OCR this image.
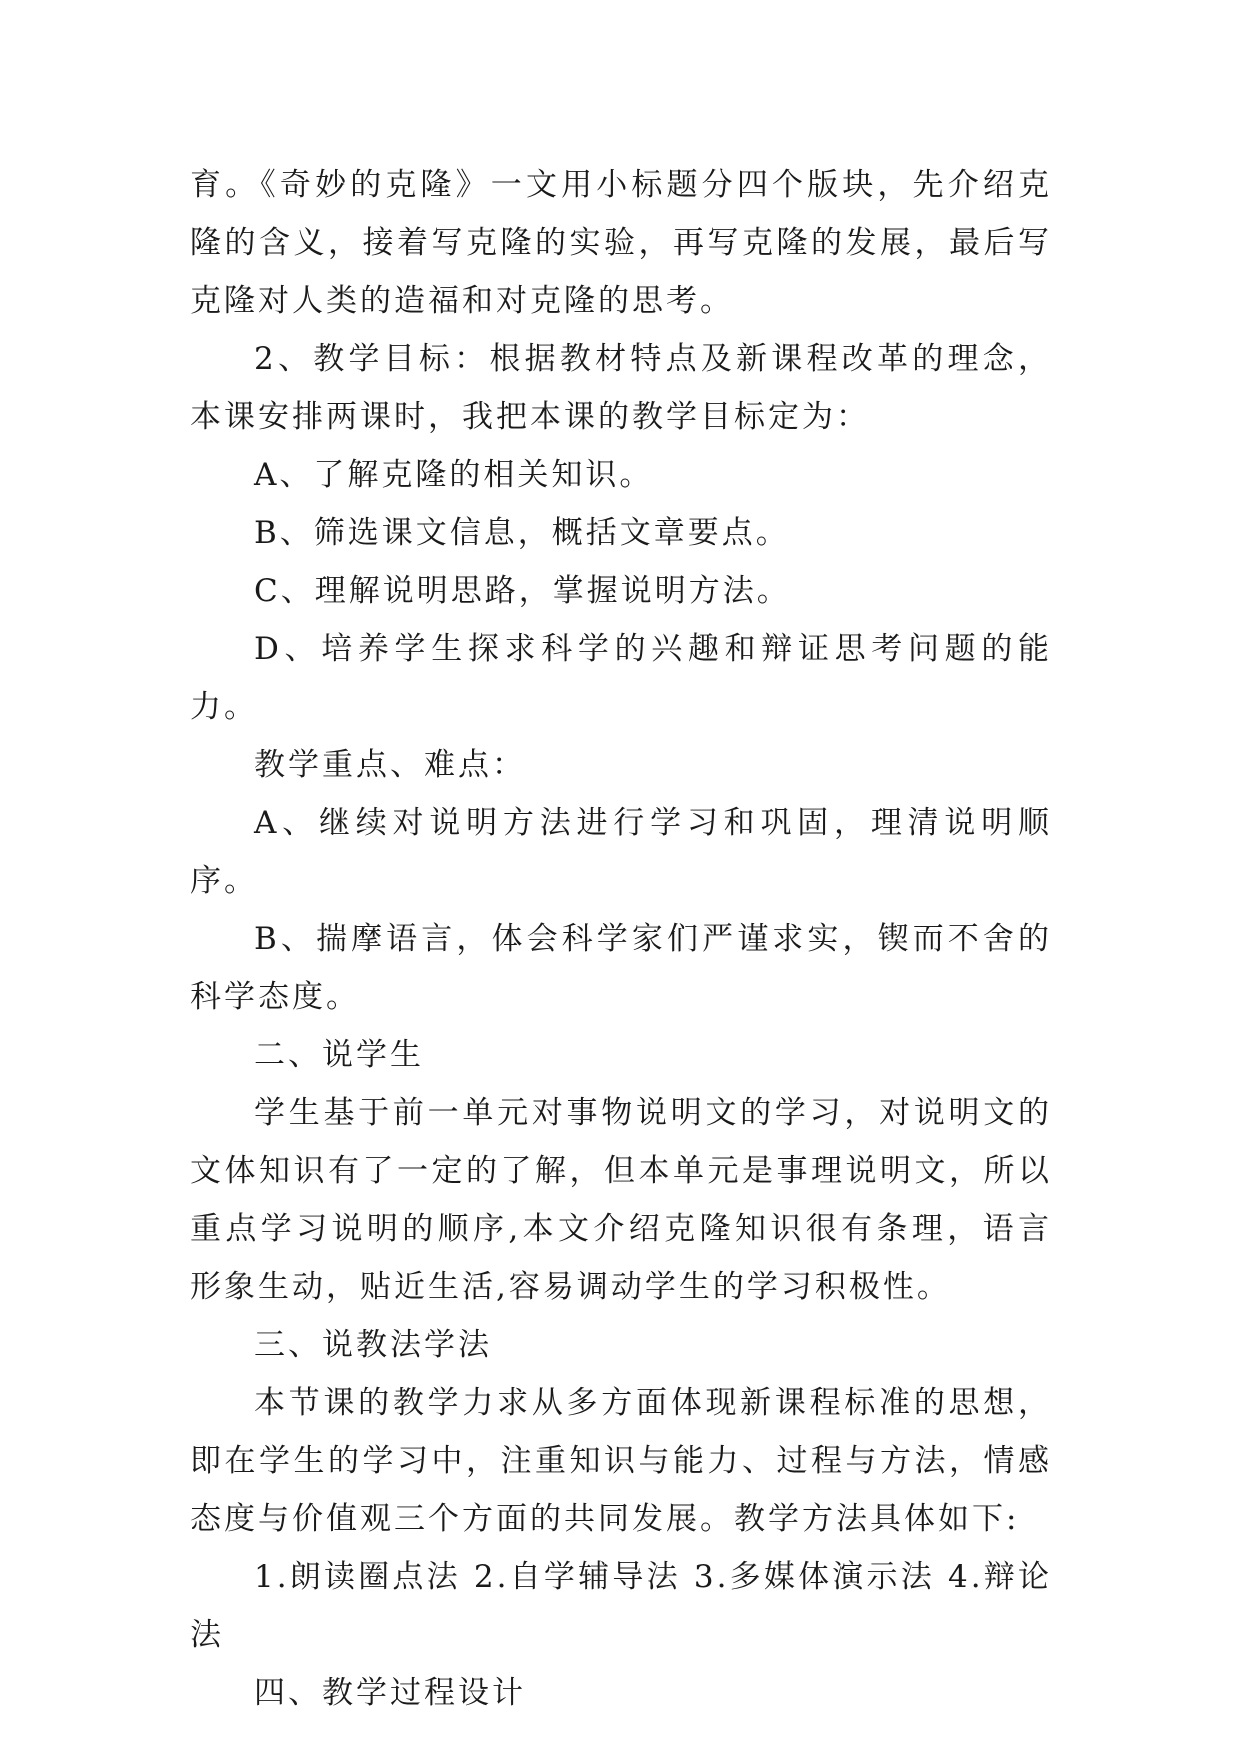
育。《奇妙的克隆》一文用小标题分四个版块，先介绍克隆的含义，接着写克隆的实验，再写克隆的发展，最后写克隆对人类的造福和对克隆的思考。

2、教学目标：根据教材特点及新课程改革的理念，本课安排两课时，我把本课的教学目标定为：

A、了解克隆的相关知识。

B、筛选课文信息，概括文章要点。

C、理解说明思路，掌握说明方法。

D、培养学生探求科学的兴趣和辩证思考问题的能力。

教学重点、难点：

A、继续对说明方法进行学习和巩固，理清说明顺序。

B、揣摩语言，体会科学家们严谨求实，锲而不舍的科学态度。

二、说学生

学生基于前一单元对事物说明文的学习，对说明文的文体知识有了一定的了解，但本单元是事理说明文，所以重点学习说明的顺序,本文介绍克隆知识很有条理，语言形象生动，贴近生活,容易调动学生的学习积极性。

三、说教法学法

本节课的教学力求从多方面体现新课程标准的思想，即在学生的学习中，注重知识与能力、过程与方法，情感态度与价值观三个方面的共同发展。教学方法具体如下:

1.朗读圈点法 2.自学辅导法 3.多媒体演示法 4.辩论法

四、教学过程设计
